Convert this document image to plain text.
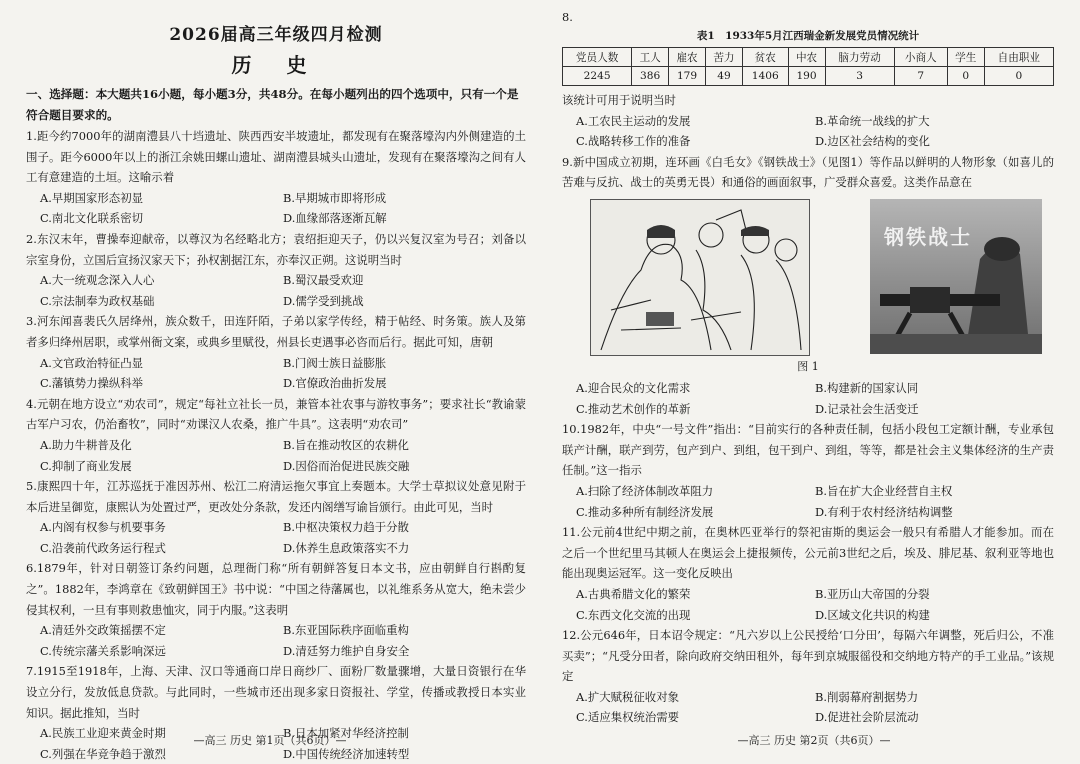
2026届高三年级四月检测
历 史
一、选择题：本大题共16小题，每小题3分，共48分。在每小题列出的四个选项中，只有一个是符合题目要求的。
1.距今约7000年的湖南澧县八十垱遗址、陕西西安半坡遗址，都发现有在聚落壕沟内外侧建造的土围子。距今6000年以上的浙江余姚田螺山遗址、湖南澧县城头山遗址，发现有在聚落壕沟之间有人工有意建造的土垣。这喻示着
A.早期国家形态初显	B.早期城市即将形成
C.南北文化联系密切	D.血缘部落逐渐瓦解
2.东汉末年，曹操奉迎献帝，以尊汉为名经略北方；袁绍拒迎天子，仍以兴复汉室为号召；刘备以宗室身份，立国后宣扬汉家天下；孙权割据江东，亦奉汉正朔。这说明当时
A.大一统观念深入人心	B.蜀汉最受欢迎
C.宗法制奉为政权基础	D.儒学受到挑战
3.河东闻喜裴氏久居绛州，族众数千，田连阡陌，子弟以家学传经，精于帖经、时务策。族人及第者多归绛州居职，或掌州衙文案，或典乡里赋役，州县长吏遇事必咨而后行。据此可知，唐朝
A.文官政治特征凸显	B.门阀士族日益膨胀
C.藩镇势力操纵科举	D.官僚政治曲折发展
4.元朝在地方设立“劝农司”，规定“每社立社长一员，兼管本社农事与游牧事务”；要求社长“教谕蒙古军户习农，仍治畜牧”，同时“劝课汉人农桑，推广牛具”。这表明“劝农司”
A.助力牛耕普及化	B.旨在推动牧区的农耕化
C.抑制了商业发展	D.因俗而治促进民族交融
5.康熙四十年，江苏巡抚于准因苏州、松江二府清运拖欠事宜上奏题本。大学士草拟议处意见附于本后进呈御览，康熙认为处置过严，更改处分条款，发还内阁缮写谕旨颁行。由此可见，当时
A.内阁有权参与机要事务	B.中枢决策权力趋于分散
C.沿袭前代政务运行程式	D.休养生息政策落实不力
6.1879年，针对日朝签订条约问题，总理衙门称“所有朝鲜答复日本文书，应由朝鲜自行斟酌复之”。1882年，李鸿章在《致朝鲜国王》书中说：“中国之待藩属也，以礼维系务从宽大，绝未尝少侵其权利，一旦有事则救患恤灾，同于内服。”这表明
A.清廷外交政策摇摆不定	B.东亚国际秩序面临重构
C.传统宗藩关系影响深远	D.清廷努力维护自身安全
7.1915至1918年，上海、天津、汉口等通商口岸日商纱厂、面粉厂数量骤增，大量日资银行在华设立分行，发放低息贷款。与此同时，一些城市还出现多家日资报社、学堂，传播或教授日本实业知识。据此推知，当时
A.民族工业迎来黄金时期	B.日本加紧对华经济控制
C.列强在华竞争趋于激烈	D.中国传统经济加速转型
—高三 历史 第1页（共6页）—
8.
表1　1933年5月江西瑞金新发展党员情况统计
党员人数	工人	雇农	苦力	贫农	中农	脑力劳动	小商人	学生	自由职业
2245	386	179	49	1406	190	3	7	0	0
该统计可用于说明当时
A.工农民主运动的发展	B.革命统一战线的扩大
C.战略转移工作的准备	D.边区社会结构的变化
9.新中国成立初期，连环画《白毛女》《钢铁战士》（见图1）等作品以鲜明的人物形象（如喜儿的苦难与反抗、战士的英勇无畏）和通俗的画面叙事，广受群众喜爱。这类作品意在
钢铁战士
图 1
A.迎合民众的文化需求	B.构建新的国家认同
C.推动艺术创作的革新	D.记录社会生活变迁
10.1982年，中央“一号文件”指出：“目前实行的各种责任制，包括小段包工定额计酬，专业承包联产计酬，联产到劳，包产到户、到组，包干到户、到组，等等，都是社会主义集体经济的生产责任制。”这一指示
A.扫除了经济体制改革阻力	B.旨在扩大企业经营自主权
C.推动多种所有制经济发展	D.有利于农村经济结构调整
11.公元前4世纪中期之前，在奥林匹亚举行的祭祀宙斯的奥运会一般只有希腊人才能参加。而在之后一个世纪里马其顿人在奥运会上捷报频传，公元前3世纪之后，埃及、腓尼基、叙利亚等地也能出现奥运冠军。这一变化反映出
A.古典希腊文化的繁荣	B.亚历山大帝国的分裂
C.东西文化交流的出现	D.区域文化共识的构建
12.公元646年，日本诏令规定：“凡六岁以上公民授给‘口分田’，每隔六年调整，死后归公，不准买卖”；“凡受分田者，除向政府交纳田租外，每年到京城服徭役和交纳地方特产的手工业品。”该规定
A.扩大赋税征收对象	B.削弱幕府割据势力
C.适应集权统治需要	D.促进社会阶层流动
—高三 历史 第2页（共6页）—
